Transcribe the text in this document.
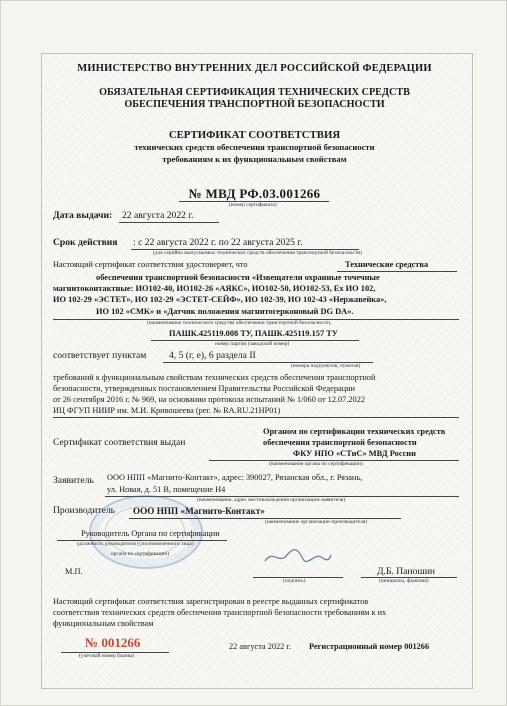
МИНИСТЕРСТВО ВНУТРЕННИХ ДЕЛ РОССИЙСКОЙ ФЕДЕРАЦИИ
ОБЯЗАТЕЛЬНАЯ СЕРТИФИКАЦИЯ ТЕХНИЧЕСКИХ СРЕДСТВ
ОБЕСПЕЧЕНИЯ ТРАНСПОРТНОЙ БЕЗОПАСНОСТИ
СЕРТИФИКАТ СООТВЕТСТВИЯ
технических средств обеспечения транспортной безопасности
требованиям к их функциональным свойствам
№ МВД РФ.03.001266
(номер сертификата)
Дата выдачи: 22 августа 2022 г.
Срок действия : с 22 августа 2022 г. по 22 августа 2025 г.
(для серийно выпускаемых технических средств обеспечения транспортной безопасности)
Настоящий сертификат соответствия удостоверяет, что	Технические средства
обеспечения транспортной безопасности «Извещатели охранные точечные
магнитоконтактные: ИО102-40, ИО102-26 «АЯКС», ИО102-50, ИО102-53, Ex ИО 102,
ИО 102-29 «ЭСТЕТ», ИО 102-29 «ЭСТЕТ-СЕЙФ», ИО 102-39, ИО 102-43 «Нержавейка»,
ИО 102 «СМК» и «Датчик положения магнитогерконовый DG DA».
(наименование технического средства обеспечения транспортной безопасности,
ПАШК.425119.008 ТУ, ПАШК.425119.157 ТУ
номер партии (заводской номер)
соответствует пунктам 4, 5 (г, е), 6 раздела II
(номера подпунктов, пунктов)
требований к функциональным свойствам технических средств обеспечения транспортной
безопасности, утвержденных постановлением Правительства Российской Федерации
от 26 сентября 2016 г. № 969, на основании протокола испытаний № 1/060 от 12.07.2022
ИЦ ФГУП НИИР им. М.И. Кривошеева (рег. № RA.RU.21НР01)
Сертификат соответствия выдан
Органом по сертификации технических средств
обеспечения транспортной безопасности
ФКУ НПО «СТиС» МВД России
(наименование органа по сертификации)
Заявитель ООО НПП «Магнито-Контакт», адрес: 390027, Рязанская обл., г. Рязань,
ул. Новая, д. 51 В, помещение Н4
(наименование, адрес местонахождения организации-заявителя)
Производитель ООО НПП «Магнито-Контакт»
(наименование организации-производителя)
Руководитель Органа по сертификации
(должность руководителя (уполномоченного лица)
органа по сертификации)
М.П.
(подпись)
Д.Б. Паношин
(инициалы, фамилия)
Настоящий сертификат соответствия зарегистрирован в реестре выданных сертификатов
соответствия технических средств обеспечения транспортной безопасности требованиям к их
функциональным свойствам
№ 001266
(учетный номер бланка)
22 августа 2022 г. Регистрационный номер 001266
